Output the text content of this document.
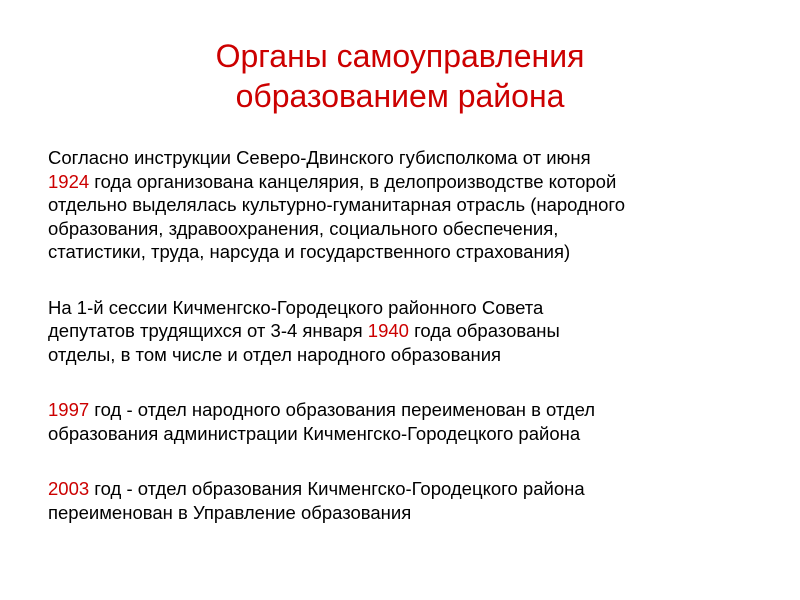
Органы самоуправления
образованием района

Согласно инструкции Северо-Двинского губисполкома от июня
1924 года организована канцелярия, в делопроизводстве которой
отдельно выделялась культурно-гуманитарная отрасль (народного
образования, здравоохранения, социального обеспечения,
статистики, труда, нарсуда и государственного страхования)

На 1-й сессии Кичменгско-Городецкого районного Совета
депутатов трудящихся от 3-4 января 1940 года образованы
отделы, в том числе и отдел народного образования

1997 год - отдел народного образования переименован в отдел
образования администрации Кичменгско-Городецкого района

2003 год - отдел образования Кичменгско-Городецкого района
переименован в Управление образования
